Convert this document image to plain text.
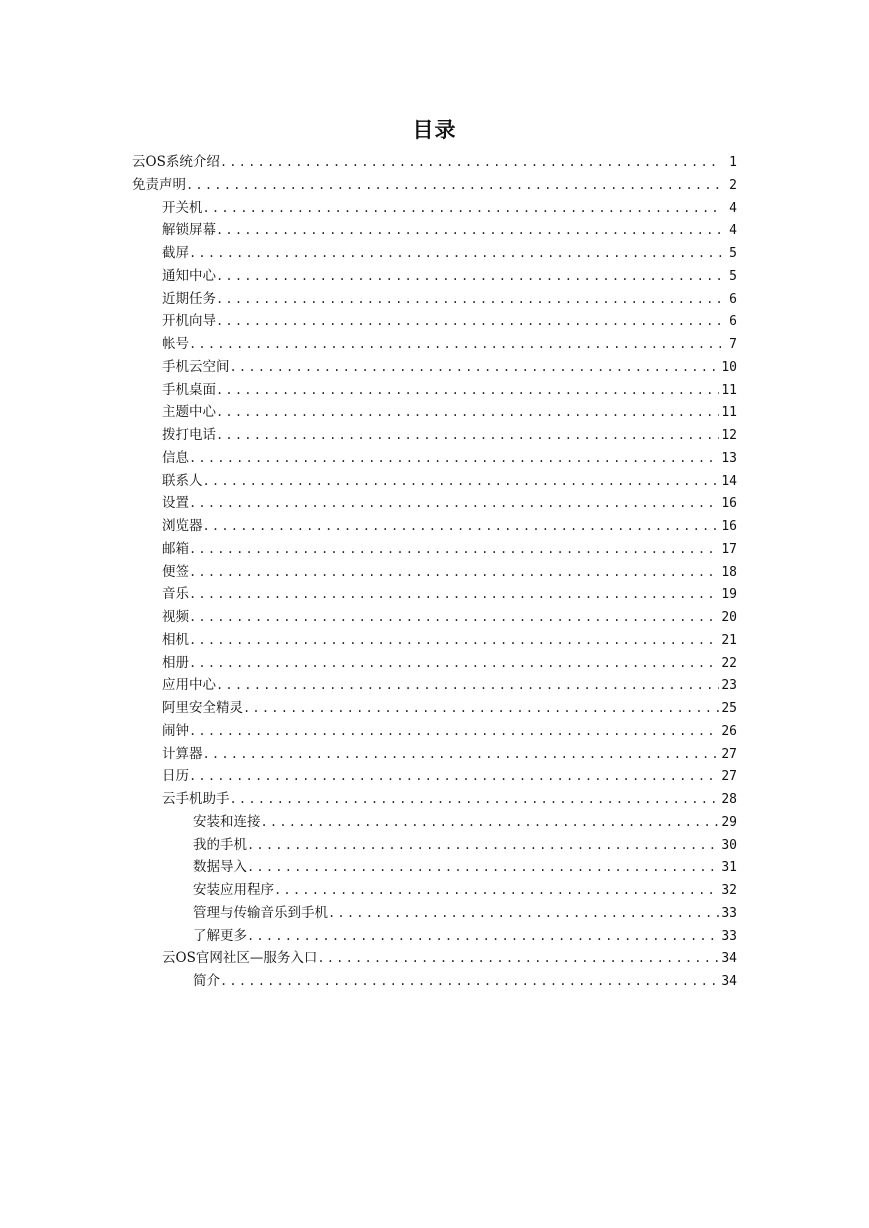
目录
云OS系统介绍 .....	1
免责声明 .....	2
开关机 .....	4
解锁屏幕 .....	4
截屏 .....	5
通知中心 .....	5
近期任务 .....	6
开机向导 .....	6
帐号 .....	7
手机云空间 .....	10
手机桌面 .....	11
主题中心 .....	11
拨打电话 .....	12
信息 .....	13
联系人 .....	14
设置 .....	16
浏览器 .....	16
邮箱 .....	17
便签 .....	18
音乐 .....	19
视频 .....	20
相机 .....	21
相册 .....	22
应用中心 .....	23
阿里安全精灵 .....	25
闹钟 .....	26
计算器 .....	27
日历 .....	27
云手机助手 .....	28
安装和连接 .....	29
我的手机 .....	30
数据导入 .....	31
安装应用程序 .....	32
管理与传输音乐到手机 .....	33
了解更多 .....	33
云OS官网社区—服务入口 .....	34
简介 .....	34
